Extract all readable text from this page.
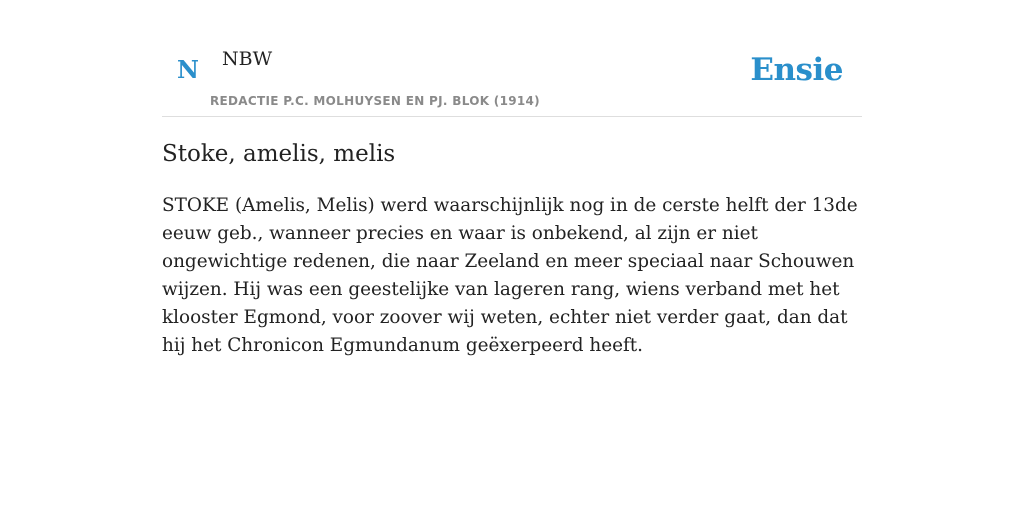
N NBW
REDACTIE P.C. MOLHUYSEN EN PJ. BLOK (1914)
Ensie
Stoke, amelis, melis

STOKE (Amelis, Melis) werd waarschijnlijk nog in de cerste helft der 13de eeuw geb., wanneer precies en waar is onbekend, al zijn er niet ongewichtige redenen, die naar Zeeland en meer speciaal naar Schouwen wijzen. Hij was een geestelijke van lageren rang, wiens verband met het klooster Egmond, voor zoover wij weten, echter niet verder gaat, dan dat hij het Chronicon Egmundanum geëxerpeerd heeft.
